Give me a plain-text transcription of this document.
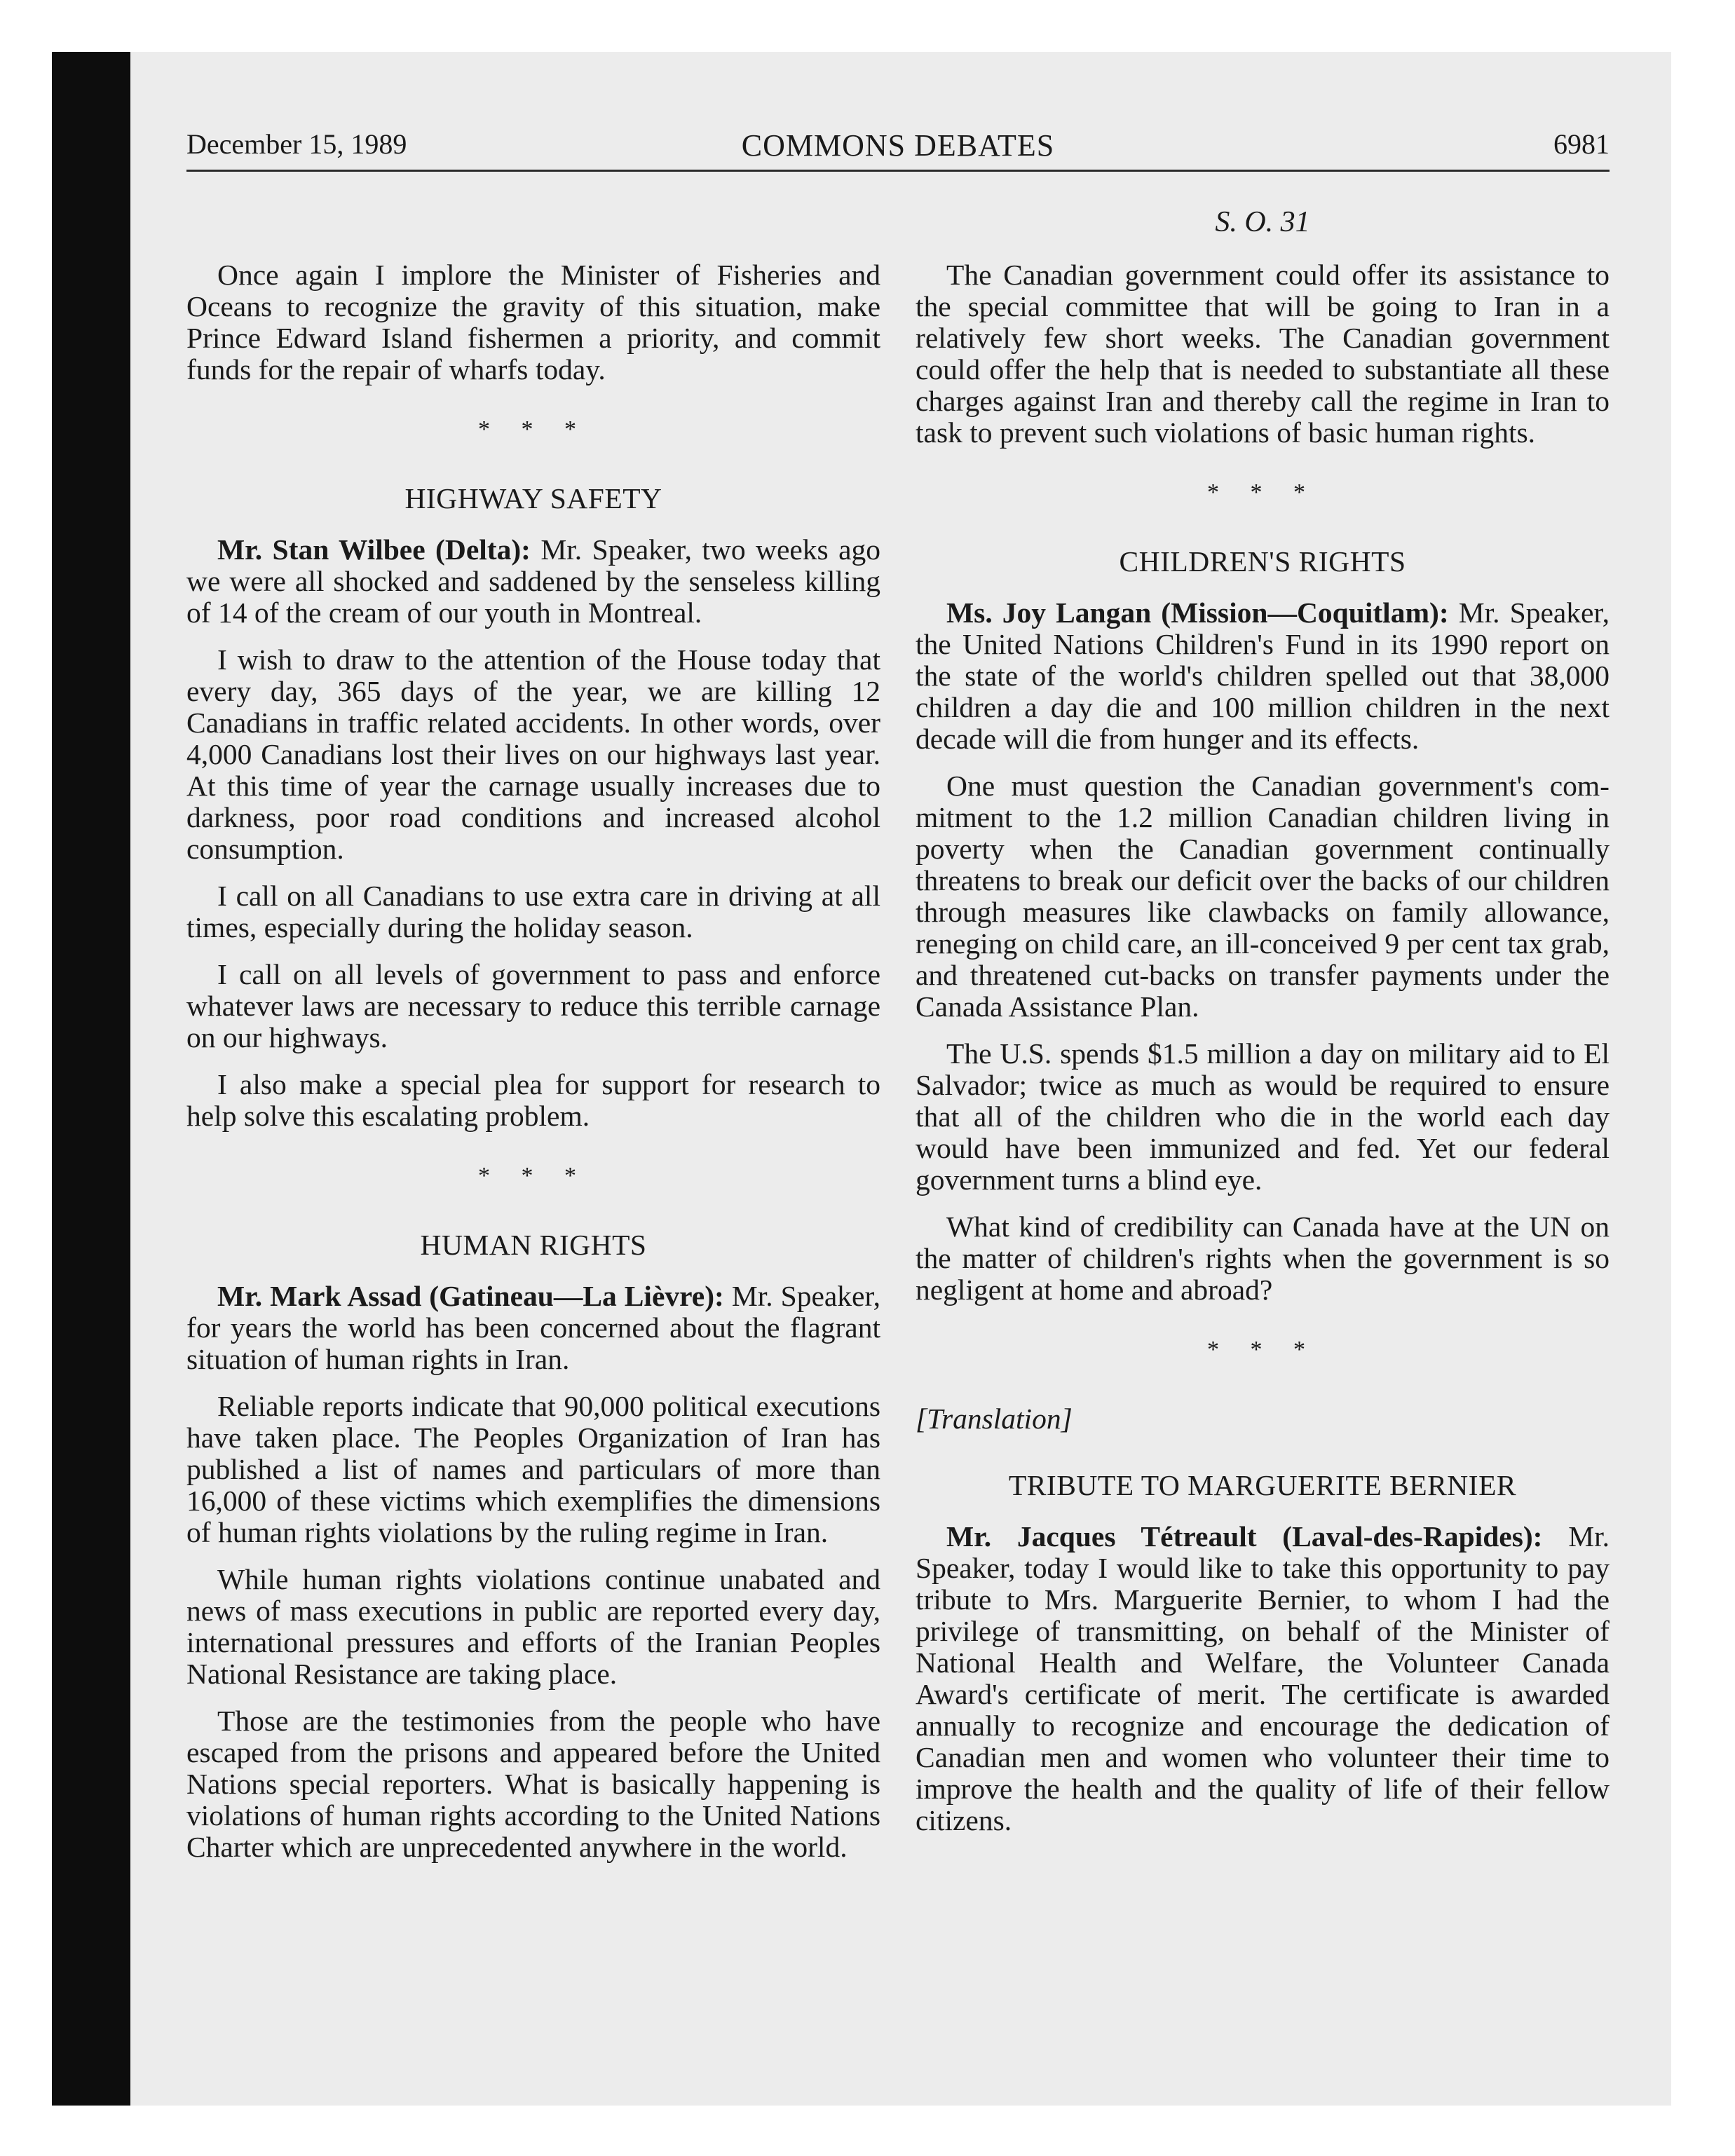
December 15, 1989	COMMONS DEBATES	6981

Once again I implore the Minister of Fisheries and Oceans to recognize the gravity of this situation, make Prince Edward Island fishermen a priority, and commit funds for the repair of wharfs today.

* * *
HIGHWAY SAFETY

Mr. Stan Wilbee (Delta): Mr. Speaker, two weeks ago we were all shocked and saddened by the senseless killing of 14 of the cream of our youth in Montreal.

I wish to draw to the attention of the House today that every day, 365 days of the year, we are killing 12 Canadians in traffic related accidents. In other words, over 4,000 Canadians lost their lives on our highways last year. At this time of year the carnage usually increases due to darkness, poor road conditions and increased alcohol consumption.

I call on all Canadians to use extra care in driving at all times, especially during the holiday season.

I call on all levels of government to pass and enforce whatever laws are necessary to reduce this terrible carnage on our highways.

I also make a special plea for support for research to help solve this escalating problem.

* * *
HUMAN RIGHTS

Mr. Mark Assad (Gatineau—La Lièvre): Mr. Speaker, for years the world has been concerned about the flagrant situation of human rights in Iran.

Reliable reports indicate that 90,000 political executions have taken place. The Peoples Organization of Iran has published a list of names and particulars of more than 16,000 of these victims which exemplifies the dimensions of human rights violations by the ruling regime in Iran.

While human rights violations continue unabated and news of mass executions in public are reported every day, international pressures and efforts of the Iranian Peoples National Resistance are taking place.

Those are the testimonies from the people who have escaped from the prisons and appeared before the United Nations special reporters. What is basically happening is violations of human rights according to the United Nations Charter which are unprecedented anywhere in the world.

S. O. 31

The Canadian government could offer its assistance to the special committee that will be going to Iran in a relatively few short weeks. The Canadian government could offer the help that is needed to substantiate all these charges against Iran and thereby call the regime in Iran to task to prevent such violations of basic human rights.

* * *
CHILDREN'S RIGHTS

Ms. Joy Langan (Mission—Coquitlam): Mr. Speaker, the United Nations Children's Fund in its 1990 report on the state of the world's children spelled out that 38,000 children a day die and 100 million children in the next decade will die from hunger and its effects.

One must question the Canadian government's commitment to the 1.2 million Canadian children living in poverty when the Canadian government continually threatens to break our deficit over the backs of our children through measures like clawbacks on family allowance, reneging on child care, an ill-conceived 9 per cent tax grab, and threatened cut-backs on transfer payments under the Canada Assistance Plan.

The U.S. spends $1.5 million a day on military aid to El Salvador; twice as much as would be required to ensure that all of the children who die in the world each day would have been immunized and fed. Yet our federal government turns a blind eye.

What kind of credibility can Canada have at the UN on the matter of children's rights when the government is so negligent at home and abroad?

* * *
[Translation]
TRIBUTE TO MARGUERITE BERNIER

Mr. Jacques Tétreault (Laval-des-Rapides): Mr. Speaker, today I would like to take this opportunity to pay tribute to Mrs. Marguerite Bernier, to whom I had the privilege of transmitting, on behalf of the Minister of National Health and Welfare, the Volunteer Canada Award's certificate of merit. The certificate is awarded annually to recognize and encourage the dedication of Canadian men and women who volunteer their time to improve the health and the quality of life of their fellow citizens.
